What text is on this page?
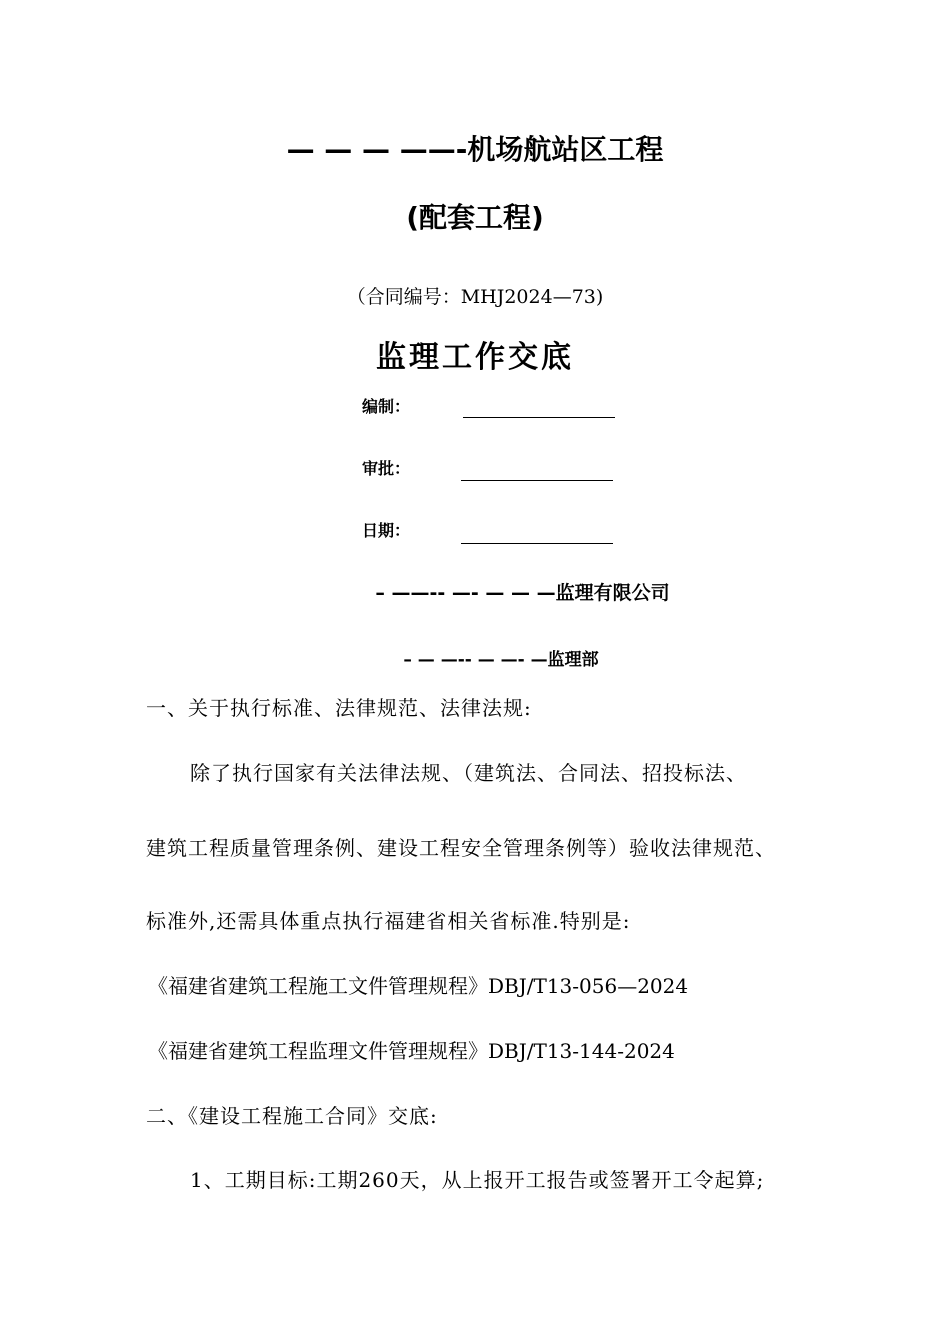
— — — ——-机场航站区工程
(配套工程)
（合同编号：MHJ2024—73)
监理工作交底
编制：
审批：
日期：
– ——-- —- — — —监理有限公司
– — —-- — —- —监理部
一、关于执行标准、法律规范、法律法规:
除了执行国家有关法律法规、（建筑法、合同法、招投标法、
建筑工程质量管理条例、建设工程安全管理条例等）验收法律规范、
标准外,还需具体重点执行福建省相关省标准.特别是:
《福建省建筑工程施工文件管理规程》DBJ/T13-056—2024
《福建省建筑工程监理文件管理规程》DBJ/T13-144-2024
二、《建设工程施工合同》交底:
1、工期目标:工期260天，从上报开工报告或签署开工令起算;
